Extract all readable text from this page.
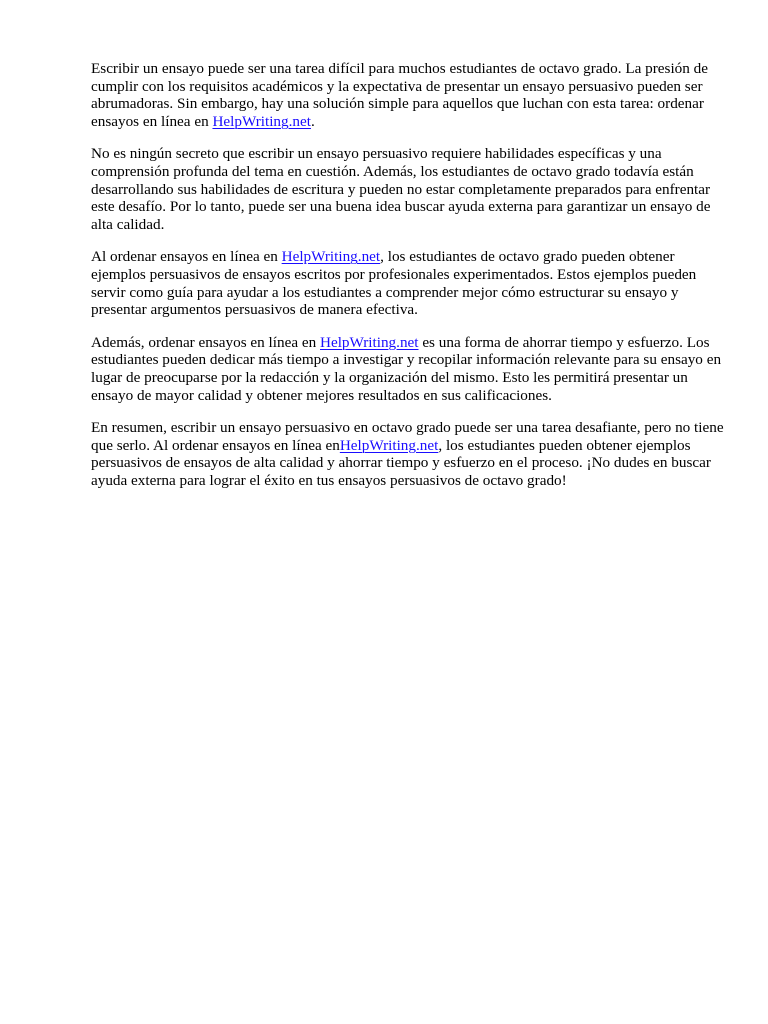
Escribir un ensayo puede ser una tarea difícil para muchos estudiantes de octavo grado. La presión de cumplir con los requisitos académicos y la expectativa de presentar un ensayo persuasivo pueden ser abrumadoras. Sin embargo, hay una solución simple para aquellos que luchan con esta tarea: ordenar ensayos en línea en HelpWriting.net.

No es ningún secreto que escribir un ensayo persuasivo requiere habilidades específicas y una comprensión profunda del tema en cuestión. Además, los estudiantes de octavo grado todavía están desarrollando sus habilidades de escritura y pueden no estar completamente preparados para enfrentar este desafío. Por lo tanto, puede ser una buena idea buscar ayuda externa para garantizar un ensayo de alta calidad.

Al ordenar ensayos en línea en HelpWriting.net, los estudiantes de octavo grado pueden obtener ejemplos persuasivos de ensayos escritos por profesionales experimentados. Estos ejemplos pueden servir como guía para ayudar a los estudiantes a comprender mejor cómo estructurar su ensayo y presentar argumentos persuasivos de manera efectiva.

Además, ordenar ensayos en línea en HelpWriting.net es una forma de ahorrar tiempo y esfuerzo. Los estudiantes pueden dedicar más tiempo a investigar y recopilar información relevante para su ensayo en lugar de preocuparse por la redacción y la organización del mismo. Esto les permitirá presentar un ensayo de mayor calidad y obtener mejores resultados en sus calificaciones.

En resumen, escribir un ensayo persuasivo en octavo grado puede ser una tarea desafiante, pero no tiene que serlo. Al ordenar ensayos en línea enHelpWriting.net, los estudiantes pueden obtener ejemplos persuasivos de ensayos de alta calidad y ahorrar tiempo y esfuerzo en el proceso. ¡No dudes en buscar ayuda externa para lograr el éxito en tus ensayos persuasivos de octavo grado!
